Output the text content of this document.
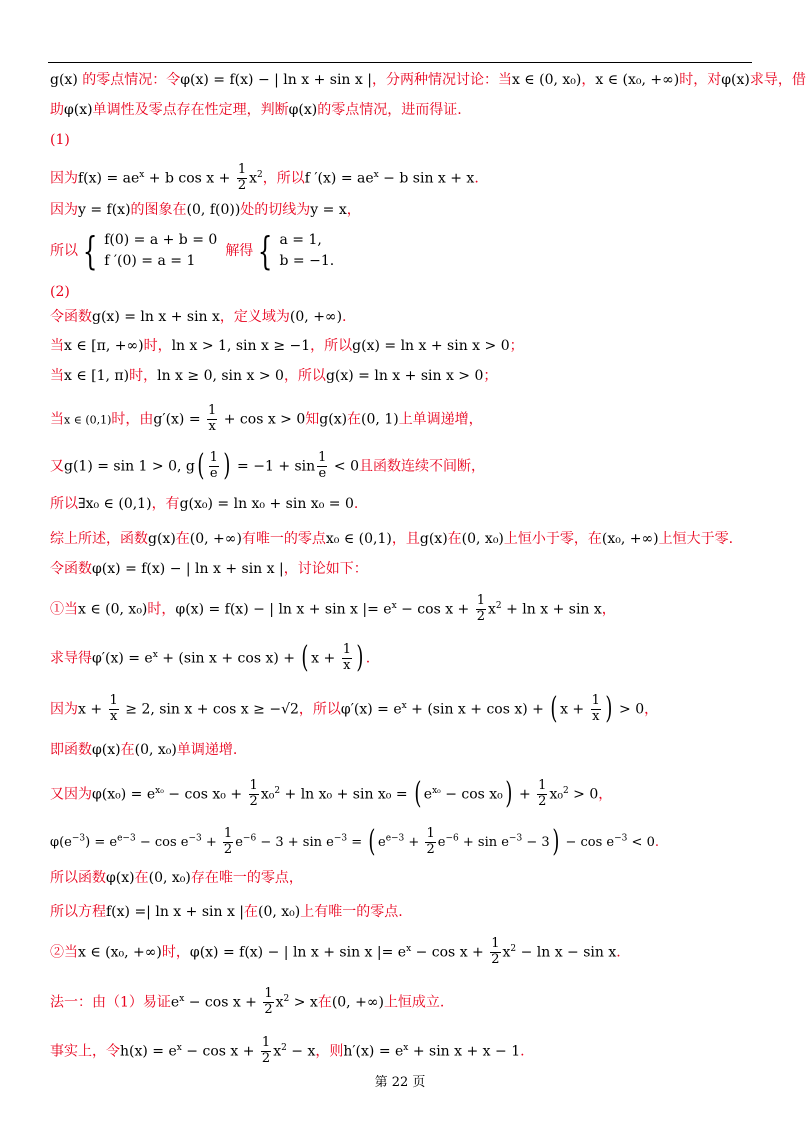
g(x) 的零点情况：令φ(x) = f(x) − | ln x + sin x |，分两种情况讨论：当x ∈ (0, x₀)，x ∈ (x₀, +∞)时，对φ(x)求导，借
助φ(x)单调性及零点存在性定理，判断φ(x)的零点情况，进而得证.
(1)
因为$f(x) = ae^x + b$ $\cos x + \frac{1}{2} x^2$，所以f $'(x) = ae^x - b$ sin x + x.
因为y = f(x)的图象在(0, f(0))处的切线为y = x，
所以 { f(0) = a + b = 0
f ′(0) = a = 1
解得 { a = 1,
b = −1.
(2)
令函数g(x) = ln x + sin x，定义域为(0, +∞).
当x ∈ [π, +∞)时，ln x > 1, sin x ≥ −1，所以g(x) = ln x + sin x > 0；
当x ∈ [1, π)时，ln x ≥ 0, sin x > 0，所以g(x) = ln x + sin x > 0；
当x ∈ (0,1)时，由$g'(x) = \frac{1}{x} + \cos x > 0$知g(x)在(0, 1)上单调递增，
又g(1) = sin 1 > 0, $g( \frac{1}{e}$ ) = $-1 + \sin \frac{1}{e} < 0$且函数连续不间断，
所以∃x₀ ∈ (0,1)，有g(x₀) = ln x₀ + sin x₀ = 0.
综上所述，函数g(x)在(0, +∞)有唯一的零点x₀ ∈ (0,1)，且g(x)在(0, x₀)上恒小于零，在(x₀, +∞)上恒大于零.
令函数φ(x) = f(x) − | ln x + sin x |，讨论如下：
①当x ∈ (0, x₀)时，φ(x) = f(x) − | ln x + sin x |= $e^x - \cos x + \frac{1}{2} x^2 + \ln x + \sin x$，
求导得$\varphi'(x) = e^x + (\sin$ x + cos x) + ( $x + \frac{1}{x}$ ) .
因为$x + \frac{1}{x} \ge 2$, sin x + cos x ≥ −√2，所以$\varphi'(x) = e^x + (\sin$ x + cos x) + ( $x + \frac{1}{x}$ ) > 0，
即函数φ(x)在(0, x₀)单调递增.
又因为$\varphi(x_0) = e^{x_0} - \cos x_0 + \frac{1}{2} x_0^2 + \ln x_0 + \sin x_0$ = ( $e^{x_0} - \cos x_0) + \frac{1}{2} x_0^2 > 0$，
$\varphi(e^{-3}) = e^{e-3} - \cos e^{-3} + \frac{1}{2} e^{-6} - 3 + \sin e^{-3}$ = ( $e^{e-3} + \frac{1}{2} e^{-6} + \sin e^{-3} - 3) - \cos e^{-3} < 0$.
所以函数φ(x)在(0, x₀)存在唯一的零点，
所以方程f(x) =| ln x + sin x |在(0, x₀)上有唯一的零点.
②当x ∈ (x₀, +∞)时，φ(x) = f(x) − | ln x + sin x |= $e^x - \cos x + \frac{1}{2} x^2 - \ln x - \sin x$.
法一：由（1）易证$e^x - \cos x + \frac{1}{2} x^2 > x$在(0, +∞)上恒成立.
事实上，令$h(x) = e^x - \cos x + \frac{1}{2} x^2 - x$，则$h'(x) = e^x + \sin x + x - 1$.
第 22 页
